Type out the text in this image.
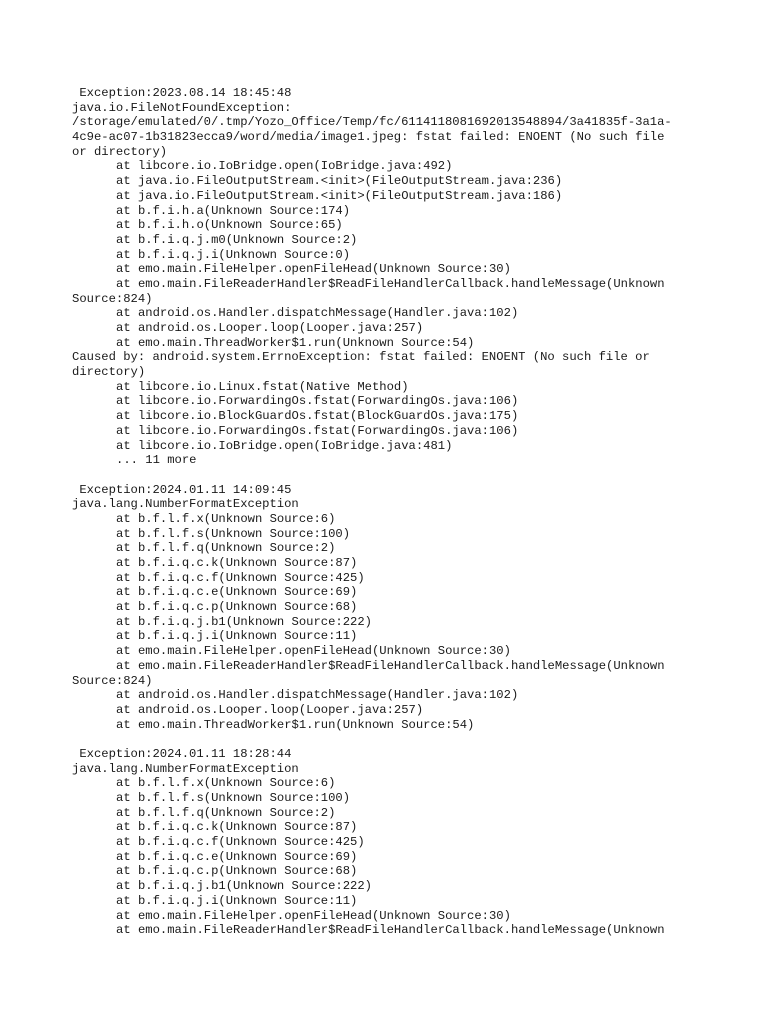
Exception:2023.08.14 18:45:48
java.io.FileNotFoundException:
/storage/emulated/0/.tmp/Yozo_Office/Temp/fc/6114118081692013548894/3a41835f-3a1a-
4c9e-ac07-1b31823ecca9/word/media/image1.jpeg: fstat failed: ENOENT (No such file
or directory)
at libcore.io.IoBridge.open(IoBridge.java:492)
at java.io.FileOutputStream.<init>(FileOutputStream.java:236)
at java.io.FileOutputStream.<init>(FileOutputStream.java:186)
at b.f.i.h.a(Unknown Source:174)
at b.f.i.h.o(Unknown Source:65)
at b.f.i.q.j.m0(Unknown Source:2)
at b.f.i.q.j.i(Unknown Source:0)
at emo.main.FileHelper.openFileHead(Unknown Source:30)
at emo.main.FileReaderHandler$ReadFileHandlerCallback.handleMessage(Unknown
Source:824)
at android.os.Handler.dispatchMessage(Handler.java:102)
at android.os.Looper.loop(Looper.java:257)
at emo.main.ThreadWorker$1.run(Unknown Source:54)
Caused by: android.system.ErrnoException: fstat failed: ENOENT (No such file or
directory)
at libcore.io.Linux.fstat(Native Method)
at libcore.io.ForwardingOs.fstat(ForwardingOs.java:106)
at libcore.io.BlockGuardOs.fstat(BlockGuardOs.java:175)
at libcore.io.ForwardingOs.fstat(ForwardingOs.java:106)
at libcore.io.IoBridge.open(IoBridge.java:481)
... 11 more
Exception:2024.01.11 14:09:45
java.lang.NumberFormatException
at b.f.l.f.x(Unknown Source:6)
at b.f.l.f.s(Unknown Source:100)
at b.f.l.f.q(Unknown Source:2)
at b.f.i.q.c.k(Unknown Source:87)
at b.f.i.q.c.f(Unknown Source:425)
at b.f.i.q.c.e(Unknown Source:69)
at b.f.i.q.c.p(Unknown Source:68)
at b.f.i.q.j.b1(Unknown Source:222)
at b.f.i.q.j.i(Unknown Source:11)
at emo.main.FileHelper.openFileHead(Unknown Source:30)
at emo.main.FileReaderHandler$ReadFileHandlerCallback.handleMessage(Unknown
Source:824)
at android.os.Handler.dispatchMessage(Handler.java:102)
at android.os.Looper.loop(Looper.java:257)
at emo.main.ThreadWorker$1.run(Unknown Source:54)
Exception:2024.01.11 18:28:44
java.lang.NumberFormatException
at b.f.l.f.x(Unknown Source:6)
at b.f.l.f.s(Unknown Source:100)
at b.f.l.f.q(Unknown Source:2)
at b.f.i.q.c.k(Unknown Source:87)
at b.f.i.q.c.f(Unknown Source:425)
at b.f.i.q.c.e(Unknown Source:69)
at b.f.i.q.c.p(Unknown Source:68)
at b.f.i.q.j.b1(Unknown Source:222)
at b.f.i.q.j.i(Unknown Source:11)
at emo.main.FileHelper.openFileHead(Unknown Source:30)
at emo.main.FileReaderHandler$ReadFileHandlerCallback.handleMessage(Unknown
